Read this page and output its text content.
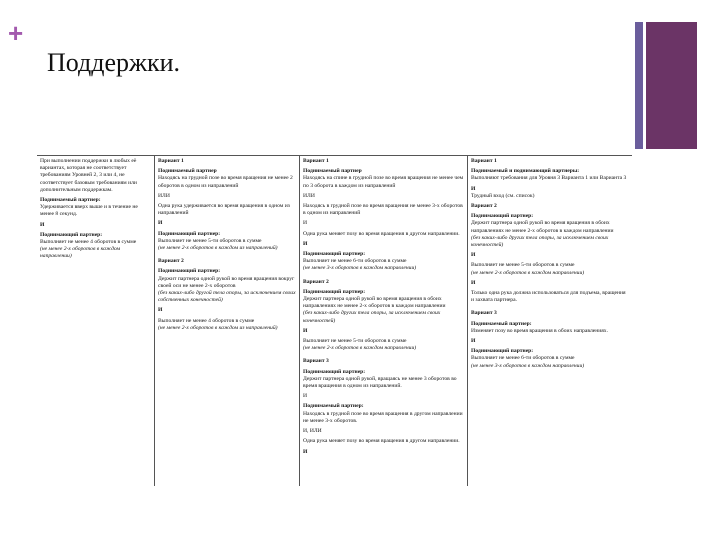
+
Поддержки.
При выполнении поддержки в любых её вариантах, которая не соответствует требованиям Уровней 2, 3 или 4, не соответствует базовым требованиям или дополнительным поддержкам.
Поднимаемый партнер:
Удерживается вверх выше и в течение не менее 8 секунд.
И
Поднимающий партнер:
Выполняет не менее 4 оборотов в сумме
(не менее 2-х оборотов в каждом направлении)
Вариант 1
Поднимаемый партнер
Находясь на грудной позе во время вращения не менее 2 оборотов в одном из направлений
ИЛИ
Одна рука удерживается во время вращения в одном из направлений
И
Поднимающий партнер:
Выполняет не менее 5-ти оборотов в сумме
(не менее 2-х оборотов в каждом из направлений)
Вариант 2
Поднимающий партнер:
Держит партнера одной рукой во время вращения вокруг своей оси не менее 2-х оборотов
(без каких-либо другой тела опоры, за исключением своих собственных конечностей)
И
Выполняет не менее 4 оборотов в сумме
(не менее 2-х оборотов в каждом из направлений)
Вариант 1
Поднимаемый партнер
Находясь на спине в грудной позе во время вращения не менее чем по 3 оборота в каждом из направлений
ИЛИ
Находясь в грудной позе во время вращения не менее 3-х оборотов в одном из направлений
И
Одна рука меняет позу во время вращения в другом направлении.
И
Поднимающий партнер:
Выполняет не менее 6-ти оборотов в сумме
(не менее 3-х оборотов в каждом направлении)
Вариант 2
Поднимающий партнер:
Держит партнера одной рукой во время вращения в обоих направлениях не менее 2-х оборотов в каждом направлении
(без каких-либо других тела опоры, за исключением своих конечностей)
И
Выполняет не менее 5-ти оборотов в сумме
(не менее 2-х оборотов в каждом направлении)
Вариант 3
Поднимающий партнер:
Держит партнера одной рукой, вращаясь не менее 3 оборотов во время вращения в одном из направлений.
И
Поднимаемый партнер:
Находясь в грудной позе во время вращения в другом направлении не менее 3-х оборотов.
И, ИЛИ
Одна рука меняет позу во время вращения в другом направлении.
И
Вариант 1
Поднимаемый и поднимающий партнеры:
Выполняют требования для Уровня 3 Варианта 1 или Варианта 3
И
Трудный вход (см. список)
Вариант 2
Поднимающий партнер:
Держит партнера одной рукой во время вращения в обоих направлениях не менее 2-х оборотов в каждом направлении
(без каких-либо других тела опоры, за исключением своих конечностей)
И
Выполняет не менее 5-ти оборотов в сумме
(не менее 2-х оборотов в каждом направлении)
И
Только одна рука должна использоваться для подъема, вращения и захвата партнера.
Вариант 3
Поднимаемый партнер:
Изменяет позу во время вращения в обоих направлениях.
И
Поднимающий партнер:
Выполняет не менее 6-ти оборотов в сумме
(не менее 3-х оборотов в каждом направлении)
